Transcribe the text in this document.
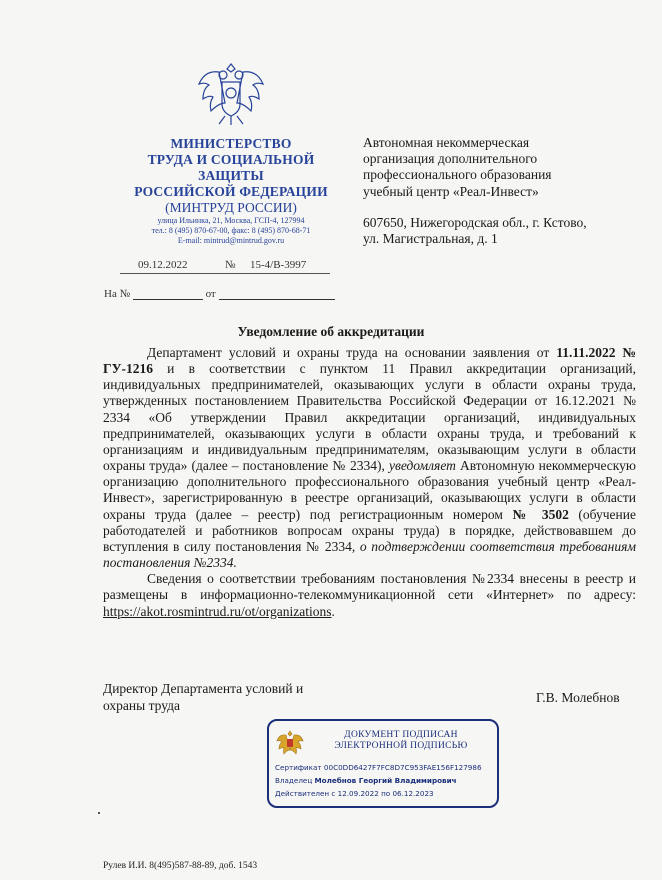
МИНИСТЕРСТВО
ТРУДА И СОЦИАЛЬНОЙ
ЗАЩИТЫ
РОССИЙСКОЙ ФЕДЕРАЦИИ
(МИНТРУД РОССИИ)
улица Ильинка, 21, Москва, ГСП-4, 127994
тел.: 8 (495) 870-67-00, факс: 8 (495) 870-68-71
E-mail: mintrud@mintrud.gov.ru
09.12.2022	№ 15-4/В-3997
На №	от
Автономная некоммерческая
организация дополнительного
профессионального образования
учебный центр «Реал-Инвест»
607650, Нижегородская обл., г. Кстово,
ул. Магистральная, д. 1
Уведомление об аккредитации

Департамент условий и охраны труда на основании заявления от 11.11.2022 № ГУ-1216 и в соответствии с пунктом 11 Правил аккредитации организаций, индивидуальных предпринимателей, оказывающих услуги в области охраны труда, утвержденных постановлением Правительства Российской Федерации от 16.12.2021 № 2334 «Об утверждении Правил аккредитации организаций, индивидуальных предпринимателей, оказывающих услуги в области охраны труда, и требований к организациям и индивидуальным предпринимателям, оказывающим услуги в области охраны труда» (далее – постановление № 2334), уведомляет Автономную некоммерческую организацию дополнительного профессионального образования учебный центр «Реал-Инвест», зарегистрированную в реестре организаций, оказывающих услуги в области охраны труда (далее – реестр) под регистрационным номером № 3502 (обучение работодателей и работников вопросам охраны труда) в порядке, действовавшем до вступления в силу постановления № 2334, о подтверждении соответствия требованиям постановления №2334.

Сведения о соответствии требованиям постановления №2334 внесены в реестр и размещены в информационно-телекоммуникационной сети «Интернет» по адресу: https://akot.rosmintrud.ru/ot/organizations.

Директор Департамента условий и
охраны труда
Г.В. Молебнов
ДОКУМЕНТ ПОДПИСАН
ЭЛЕКТРОННОЙ ПОДПИСЬЮ
Сертификат 00C0DD6427F7FC8D7C953FAE156F127986
Владелец Молебнов Георгий Владимирович
Действителен с 12.09.2022 по 06.12.2023
Рулев И.И. 8(495)587-88-89, доб. 1543
